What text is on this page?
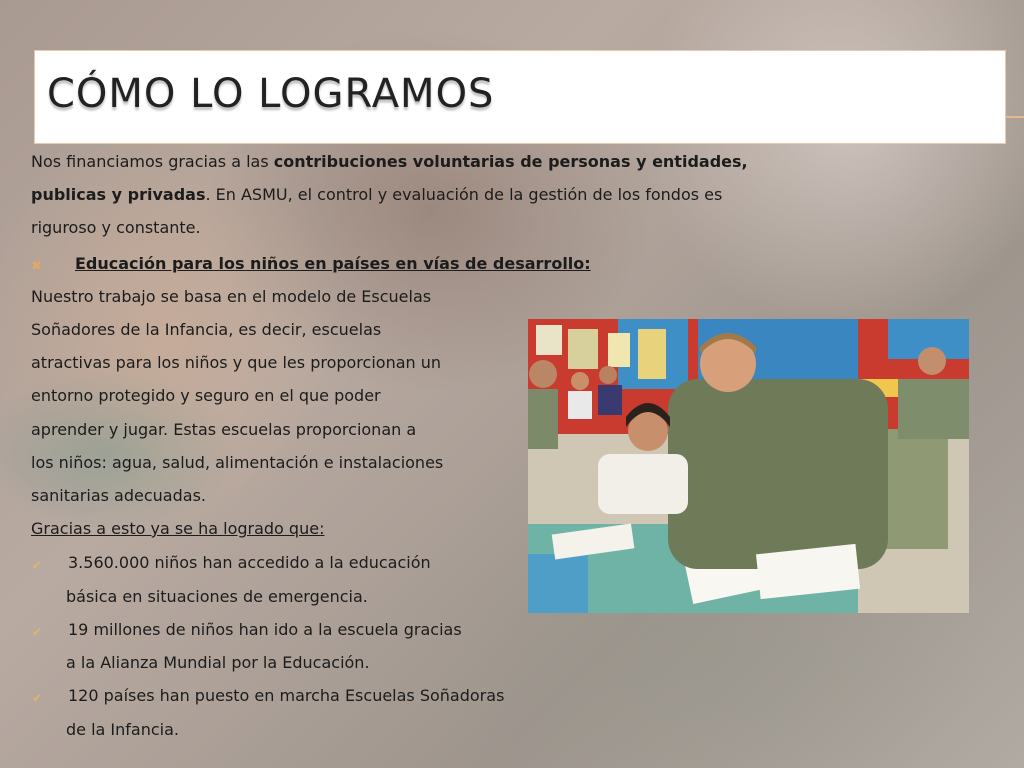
CÓMO LO LOGRAMOS
Nos financiamos gracias a las contribuciones voluntarias de personas y entidades,
publicas y privadas. En ASMU, el control y evaluación de la gestión de los fondos es
riguroso y constante.
✖ Educación para los niños en países en vías de desarrollo:
Nuestro trabajo se basa en el modelo de Escuelas
Soñadores de la Infancia, es decir, escuelas
atractivas para los niños y que les proporcionan un
entorno protegido y seguro en el que poder
aprender y jugar. Estas escuelas proporcionan a
los niños: agua, salud, alimentación e instalaciones
sanitarias adecuadas.
Gracias a esto ya se ha logrado que:
✔ 3.560.000 niños han accedido a la educación
básica en situaciones de emergencia.
✔ 19 millones de niños han ido a la escuela gracias
a la Alianza Mundial por la Educación.
✔ 120 países han puesto en marcha Escuelas Soñadoras
de la Infancia.
